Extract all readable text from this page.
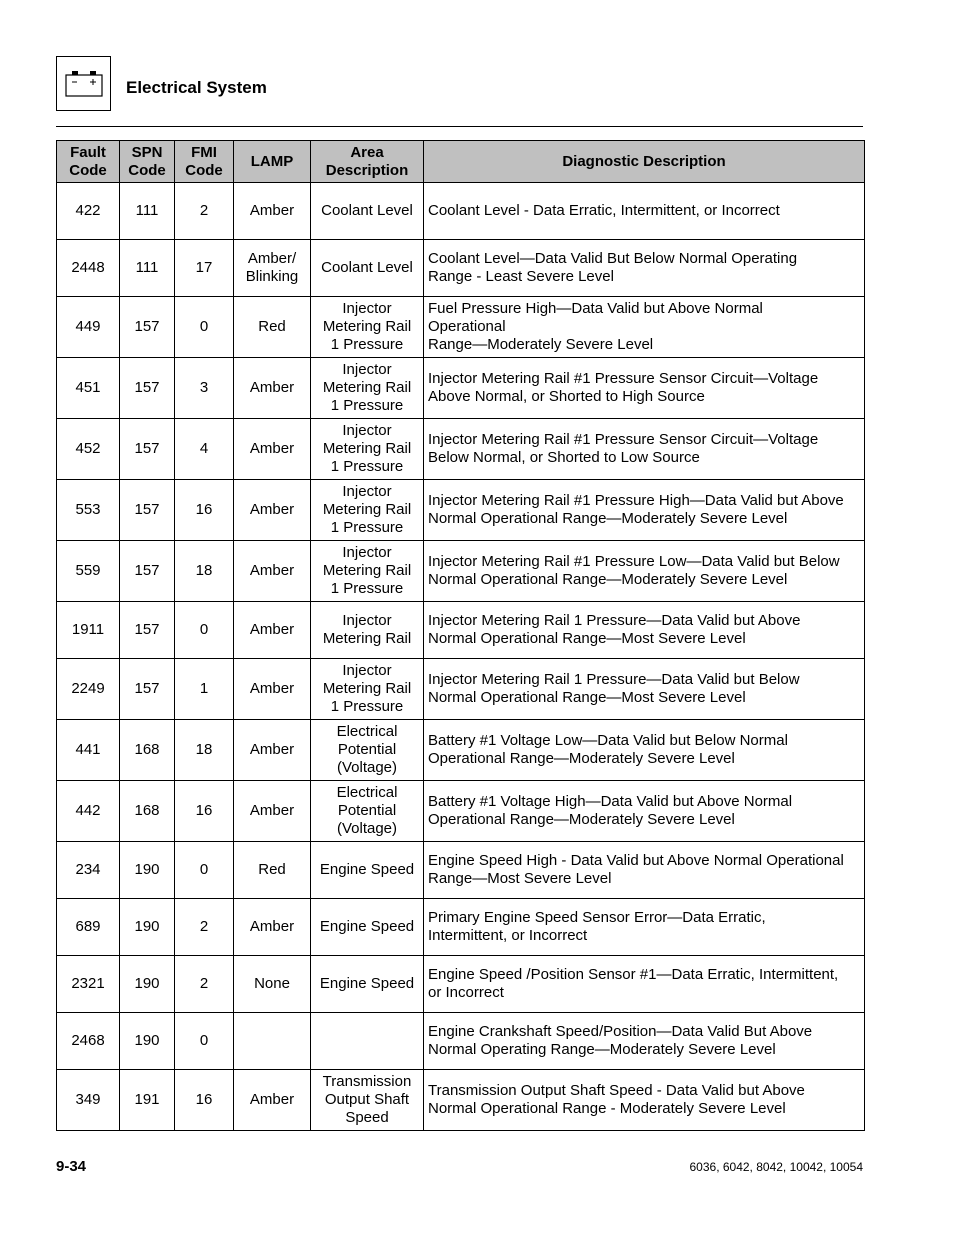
Electrical System
Fault
Code	SPN
Code	FMI
Code	LAMP	Area
Description	Diagnostic Description
422	111	2	Amber	Coolant Level	Coolant Level - Data Erratic, Intermittent, or Incorrect
2448	111	17	Amber/
Blinking	Coolant Level	Coolant Level—Data Valid But Below Normal Operating
Range - Least Severe Level
449	157	0	Red	Injector
Metering Rail
1 Pressure	Fuel Pressure High—Data Valid but Above Normal
Operational
Range—Moderately Severe Level
451	157	3	Amber	Injector
Metering Rail
1 Pressure	Injector Metering Rail #1 Pressure Sensor Circuit—Voltage
Above Normal, or Shorted to High Source
452	157	4	Amber	Injector
Metering Rail
1 Pressure	Injector Metering Rail #1 Pressure Sensor Circuit—Voltage
Below Normal, or Shorted to Low Source
553	157	16	Amber	Injector
Metering Rail
1 Pressure	Injector Metering Rail #1 Pressure High—Data Valid but Above
Normal Operational Range—Moderately Severe Level
559	157	18	Amber	Injector
Metering Rail
1 Pressure	Injector Metering Rail #1 Pressure Low—Data Valid but Below
Normal Operational Range—Moderately Severe Level
1911	157	0	Amber	Injector
Metering Rail	Injector Metering Rail 1 Pressure—Data Valid but Above
Normal Operational Range—Most Severe Level
2249	157	1	Amber	Injector
Metering Rail
1 Pressure	Injector Metering Rail 1 Pressure—Data Valid but Below
Normal Operational Range—Most Severe Level
441	168	18	Amber	Electrical
Potential
(Voltage)	Battery #1 Voltage Low—Data Valid but Below Normal
Operational Range—Moderately Severe Level
442	168	16	Amber	Electrical
Potential
(Voltage)	Battery #1 Voltage High—Data Valid but Above Normal
Operational Range—Moderately Severe Level
234	190	0	Red	Engine Speed	Engine Speed High - Data Valid but Above Normal Operational
Range—Most Severe Level
689	190	2	Amber	Engine Speed	Primary Engine Speed Sensor Error—Data Erratic,
Intermittent, or Incorrect
2321	190	2	None	Engine Speed	Engine Speed /Position Sensor #1—Data Erratic, Intermittent,
or Incorrect
2468	190	0			Engine Crankshaft Speed/Position—Data Valid But Above
Normal Operating Range—Moderately Severe Level
349	191	16	Amber	Transmission
Output Shaft
Speed	Transmission Output Shaft Speed - Data Valid but Above
Normal Operational Range - Moderately Severe Level
9-34	6036, 6042, 8042, 10042, 10054
